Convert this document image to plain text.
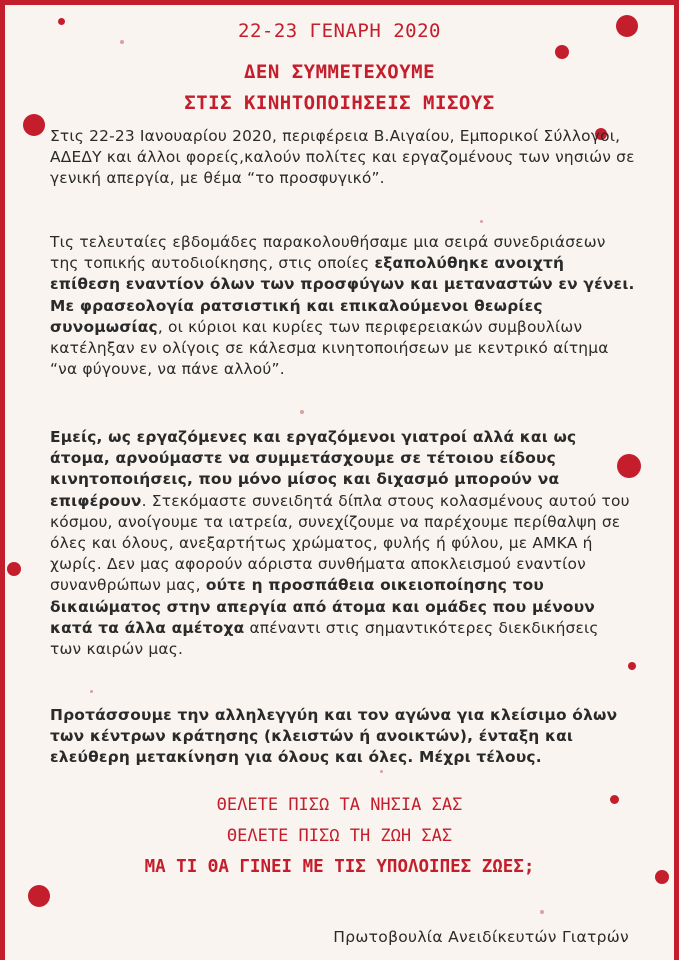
22-23 ΓΕΝΑΡΗ 2020
ΔΕΝ ΣΥΜΜΕΤΕΧΟΥΜΕ
ΣΤΙΣ ΚΙΝΗΤΟΠΟΙΗΣΕΙΣ ΜΙΣΟΥΣ
Στις 22-23 Ιανουαρίου 2020, περιφέρεια Β.Αιγαίου, Εμπορικοί Σύλλογοι, ΑΔΕΔΥ και άλλοι φορείς,καλούν πολίτες και εργαζομένους των νησιών σε γενική απεργία, με θέμα “το προσφυγικό”.
Τις τελευταίες εβδομάδες παρακολουθήσαμε μια σειρά συνεδριάσεων της τοπικής αυτοδιοίκησης, στις οποίες εξαπολύθηκε ανοιχτή επίθεση εναντίον όλων των προσφύγων και μεταναστών εν γένει. Με φρασεολογία ρατσιστική και επικαλούμενοι θεωρίες συνομωσίας, οι κύριοι και κυρίες των περιφερειακών συμβουλίων κατέληξαν εν ολίγοις σε κάλεσμα κινητοποιήσεων με κεντρικό αίτημα “να φύγουνε, να πάνε αλλού”.
Εμείς, ως εργαζόμενες και εργαζόμενοι γιατροί αλλά και ως άτομα, αρνούμαστε να συμμετάσχουμε σε τέτοιου είδους κινητοποιήσεις, που μόνο μίσος και διχασμό μπορούν να επιφέρουν. Στεκόμαστε συνειδητά δίπλα στους κολασμένους αυτού του κόσμου, ανοίγουμε τα ιατρεία, συνεχίζουμε να παρέχουμε περίθαλψη σε όλες και όλους, ανεξαρτήτως χρώματος, φυλής ή φύλου, με ΑΜΚΑ ή χωρίς. Δεν μας αφορούν αόριστα συνθήματα αποκλεισμού εναντίον συνανθρώπων μας, ούτε η προσπάθεια οικειοποίησης του δικαιώματος στην απεργία από άτομα και ομάδες που μένουν κατά τα άλλα αμέτοχα απέναντι στις σημαντικότερες διεκδικήσεις των καιρών μας.
Προτάσσουμε την αλληλεγγύη και τον αγώνα για κλείσιμο όλων των κέντρων κράτησης (κλειστών ή ανοικτών), ένταξη και ελεύθερη μετακίνηση για όλους και όλες. Μέχρι τέλους.
ΘΕΛΕΤΕ ΠΙΣΩ ΤΑ ΝΗΣΙΑ ΣΑΣ
ΘΕΛΕΤΕ ΠΙΣΩ ΤΗ ΖΩΗ ΣΑΣ
ΜΑ ΤΙ ΘΑ ΓΙΝΕΙ ΜΕ ΤΙΣ ΥΠΟΛΟΙΠΕΣ ΖΩΕΣ;
Πρωτοβουλία Ανειδίκευτών Γιατρών
